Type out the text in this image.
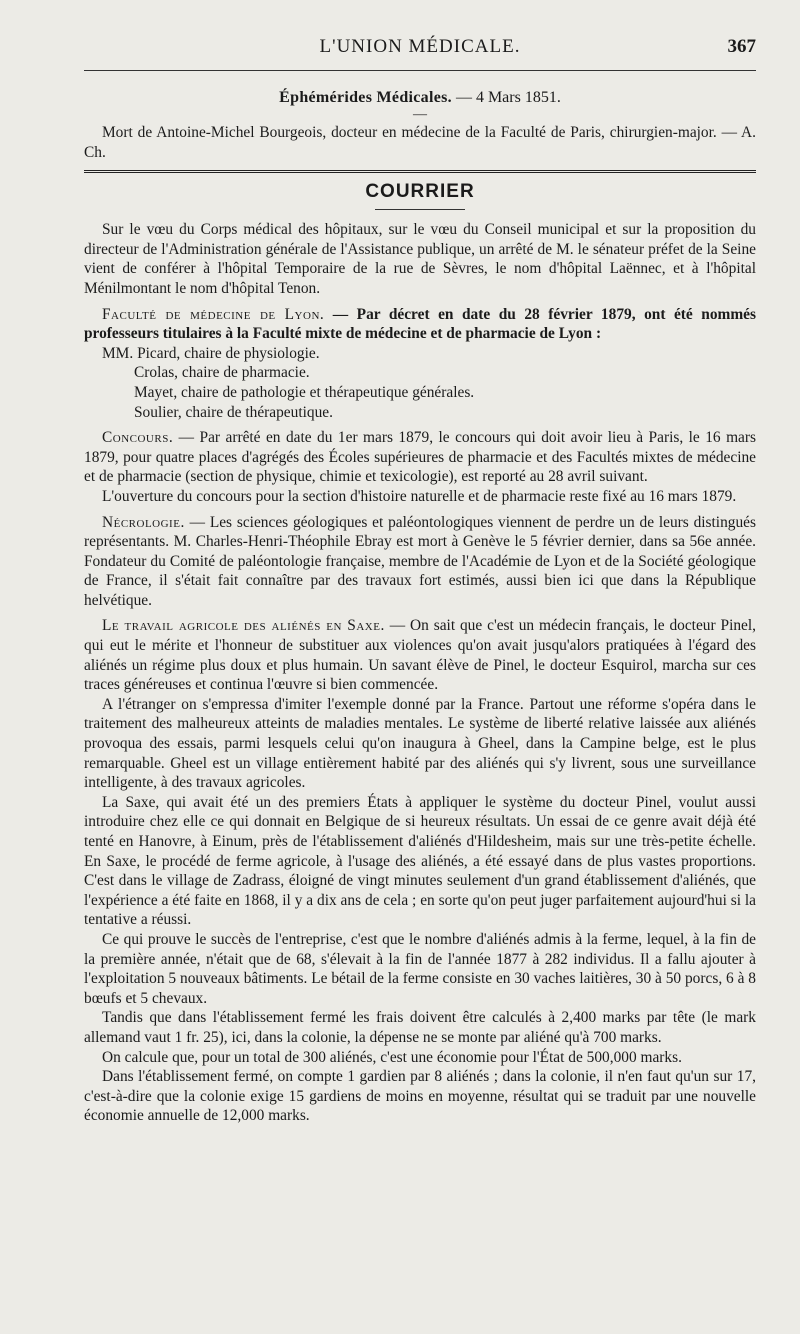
L'UNION MÉDICALE.	367
Éphémérides Médicales. — 4 Mars 1851.
—

Mort de Antoine-Michel Bourgeois, docteur en médecine de la Faculté de Paris, chirurgien-major. — A. Ch.

COURRIER

Sur le vœu du Corps médical des hôpitaux, sur le vœu du Conseil municipal et sur la proposition du directeur de l'Administration générale de l'Assistance publique, un arrêté de M. le sénateur préfet de la Seine vient de conférer à l'hôpital Temporaire de la rue de Sèvres, le nom d'hôpital Laënnec, et à l'hôpital Ménilmontant le nom d'hôpital Tenon.

Faculté de médecine de Lyon. — Par décret en date du 28 février 1879, ont été nommés professeurs titulaires à la Faculté mixte de médecine et de pharmacie de Lyon :

MM. Picard, chaire de physiologie.
Crolas, chaire de pharmacie.
Mayet, chaire de pathologie et thérapeutique générales.
Soulier, chaire de thérapeutique.

Concours. — Par arrêté en date du 1er mars 1879, le concours qui doit avoir lieu à Paris, le 16 mars 1879, pour quatre places d'agrégés des Écoles supérieures de pharmacie et des Facultés mixtes de médecine et de pharmacie (section de physique, chimie et texicologie), est reporté au 28 avril suivant.

L'ouverture du concours pour la section d'histoire naturelle et de pharmacie reste fixé au 16 mars 1879.

Nécrologie. — Les sciences géologiques et paléontologiques viennent de perdre un de leurs distingués représentants. M. Charles-Henri-Théophile Ebray est mort à Genève le 5 février dernier, dans sa 56e année. Fondateur du Comité de paléontologie française, membre de l'Académie de Lyon et de la Société géologique de France, il s'était fait connaître par des travaux fort estimés, aussi bien ici que dans la République helvétique.

Le travail agricole des aliénés en Saxe. — On sait que c'est un médecin français, le docteur Pinel, qui eut le mérite et l'honneur de substituer aux violences qu'on avait jusqu'alors pratiquées à l'égard des aliénés un régime plus doux et plus humain. Un savant élève de Pinel, le docteur Esquirol, marcha sur ces traces généreuses et continua l'œuvre si bien commencée.

A l'étranger on s'empressa d'imiter l'exemple donné par la France. Partout une réforme s'opéra dans le traitement des malheureux atteints de maladies mentales. Le système de liberté relative laissée aux aliénés provoqua des essais, parmi lesquels celui qu'on inaugura à Gheel, dans la Campine belge, est le plus remarquable. Gheel est un village entièrement habité par des aliénés qui s'y livrent, sous une surveillance intelligente, à des travaux agricoles.

La Saxe, qui avait été un des premiers États à appliquer le système du docteur Pinel, voulut aussi introduire chez elle ce qui donnait en Belgique de si heureux résultats. Un essai de ce genre avait déjà été tenté en Hanovre, à Einum, près de l'établissement d'aliénés d'Hildesheim, mais sur une très-petite échelle. En Saxe, le procédé de ferme agricole, à l'usage des aliénés, a été essayé dans de plus vastes proportions. C'est dans le village de Zadrass, éloigné de vingt minutes seulement d'un grand établissement d'aliénés, que l'expérience a été faite en 1868, il y a dix ans de cela ; en sorte qu'on peut juger parfaitement aujourd'hui si la tentative a réussi.

Ce qui prouve le succès de l'entreprise, c'est que le nombre d'aliénés admis à la ferme, lequel, à la fin de la première année, n'était que de 68, s'élevait à la fin de l'année 1877 à 282 individus. Il a fallu ajouter à l'exploitation 5 nouveaux bâtiments. Le bétail de la ferme consiste en 30 vaches laitières, 30 à 50 porcs, 6 à 8 bœufs et 5 chevaux.

Tandis que dans l'établissement fermé les frais doivent être calculés à 2,400 marks par tête (le mark allemand vaut 1 fr. 25), ici, dans la colonie, la dépense ne se monte par aliéné qu'à 700 marks.

On calcule que, pour un total de 300 aliénés, c'est une économie pour l'État de 500,000 marks.

Dans l'établissement fermé, on compte 1 gardien par 8 aliénés ; dans la colonie, il n'en faut qu'un sur 17, c'est-à-dire que la colonie exige 15 gardiens de moins en moyenne, résultat qui se traduit par une nouvelle économie annuelle de 12,000 marks.
